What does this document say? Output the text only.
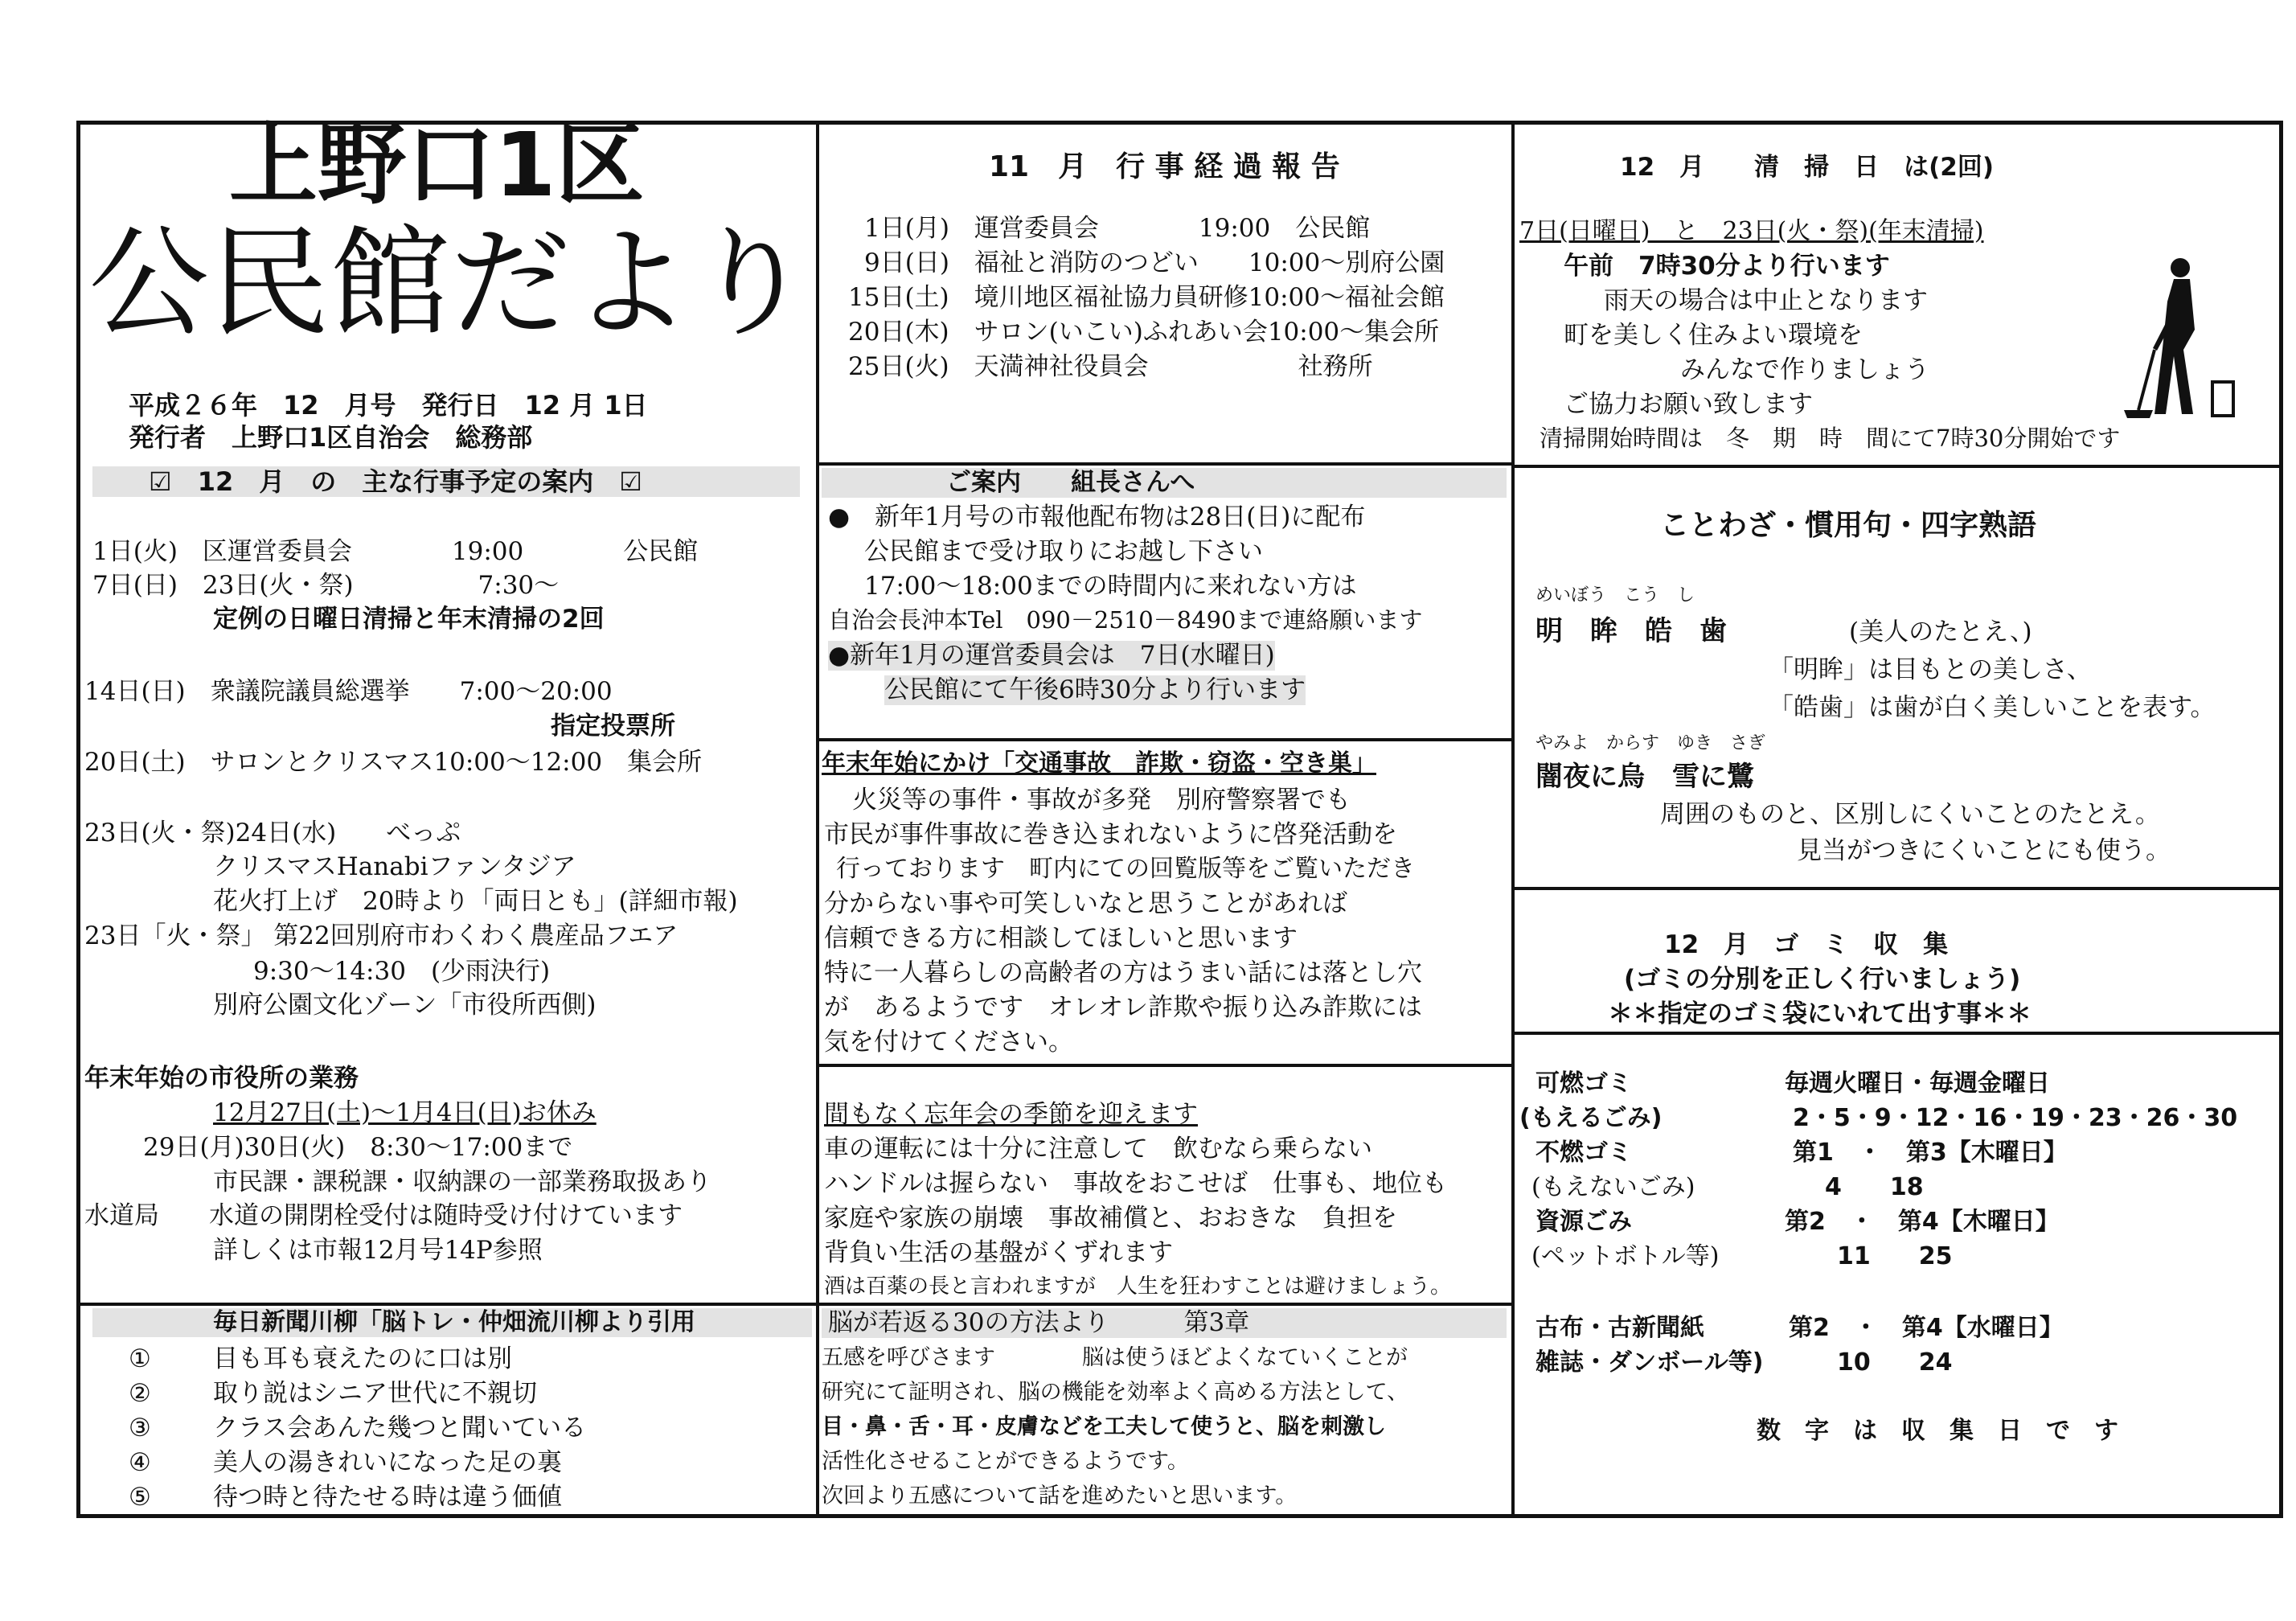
上野口1区
公民館だより
平成２６年　12　月号　発行日　12 月 1日
発行者　上野口1区自治会　総務部
☑　12　月　の　主な行事予定の案内　☑
1日(火)　区運営委員会　　　　19:00　　　　公民館
7日(日)　23日(火・祭)　　　　　7:30～
定例の日曜日清掃と年末清掃の2回
14日(日)　衆議院議員総選挙　　7:00～20:00
指定投票所
20日(土)　サロンとクリスマス10:00～12:00　集会所
23日(火・祭)24日(水)　　べっぷ
クリスマスHanabiファンタジア
花火打上げ　20時より「両日とも」(詳細市報)
23日「火・祭」 第22回別府市わくわく農産品フエア
9:30～14:30　(少雨決行)
別府公園文化ゾーン「市役所西側)
年末年始の市役所の業務
12月27日(土)～1月4日(日)お休み
29日(月)30日(火)　8:30～17:00まで
市民課・課税課・収納課の一部業務取扱あり
水道局　　水道の開閉栓受付は随時受け付けています
詳しくは市報12月号14P参照
毎日新聞川柳「脳トレ・仲畑流川柳より引用
① 目も耳も衰えたのに口は別
② 取り説はシニア世代に不親切
③ クラス会あんた幾つと聞いている
④ 美人の湯きれいになった足の裏
⑤ 待つ時と待たせる時は違う価値
11　月　行 事 経 過 報 告
1日(月)　運営委員会　　　　19:00　公民館
9日(日)　福祉と消防のつどい　　10:00～別府公園
15日(土)　境川地区福祉協力員研修10:00～福祉会館
20日(木)　サロン(いこい)ふれあい会10:00～集会所
25日(火)　天満神社役員会　　　　　　社務所
ご案内　　組長さんへ
●　新年1月号の市報他配布物は28日(日)に配布
公民館まで受け取りにお越し下さい
17:00～18:00までの時間内に来れない方は
自治会長沖本Tel　090－2510－8490まで連絡願います
●新年1月の運営委員会は　7日(水曜日)
公民館にて午後6時30分より行います
年末年始にかけ「交通事故　詐欺・窃盗・空き巣」
火災等の事件・事故が多発　別府警察署でも
市民が事件事故に巻き込まれないように啓発活動を
行っております　町内にての回覧版等をご覧いただき
分からない事や可笑しいなと思うことがあれば
信頼できる方に相談してほしいと思います
特に一人暮らしの高齢者の方はうまい話には落とし穴
が　あるようです　オレオレ詐欺や振り込み詐欺には
気を付けてください。
間もなく忘年会の季節を迎えます
車の運転には十分に注意して　飲むなら乗らない
ハンドルは握らない　事故をおこせば　仕事も、地位も
家庭や家族の崩壊　事故補償と、おおきな　負担を
背負い生活の基盤がくずれます
酒は百薬の長と言われますが　人生を狂わすことは避けましょう。
脳が若返る30の方法より　　　第3章
五感を呼びさます　　　　脳は使うほどよくなていくことが
研究にて証明され、脳の機能を効率よく高める方法として、
目・鼻・舌・耳・皮膚などを工夫して使うと、脳を刺激し
活性化させることができるようです。
次回より五感について話を進めたいと思います。
12　月　　清　掃　日　は(2回)
7日(日曜日)　と　23日(火・祭)(年末清掃)
午前　7時30分より行います
雨天の場合は中止となります
町を美しく住みよい環境を
みんなで作りましょう
ご協力お願い致します
清掃開始時間は　冬　期　時　間にて7時30分開始です
ことわざ・慣用句・四字熟語
めいぼう　こう　し
明　眸　皓　歯	(美人のたとえ、)
「明眸」は目もとの美しさ、
「皓歯」は歯が白く美しいことを表す。
やみよ　からす　ゆき　さぎ
闇夜に烏　雪に鷺
周囲のものと、区別しにくいことのたとえ。
見当がつきにくいことにも使う。
12　月　ゴ　ミ　収　集
(ゴミの分別を正しく行いましょう)
＊＊指定のゴミ袋にいれて出す事＊＊
可燃ゴミ	毎週火曜日・毎週金曜日
(もえるごみ)	2・5・9・12・16・19・23・26・30
不燃ゴミ	第1　・　第3【木曜日】
(もえないごみ)	4　　18
資源ごみ	第2　・　第4【木曜日】
(ペットボトル等)	11　　25
古布・古新聞紙	第2　・　第4【水曜日】
雑誌・ダンボール等)	10　　24
数　字　は　収　集　日　で　す
